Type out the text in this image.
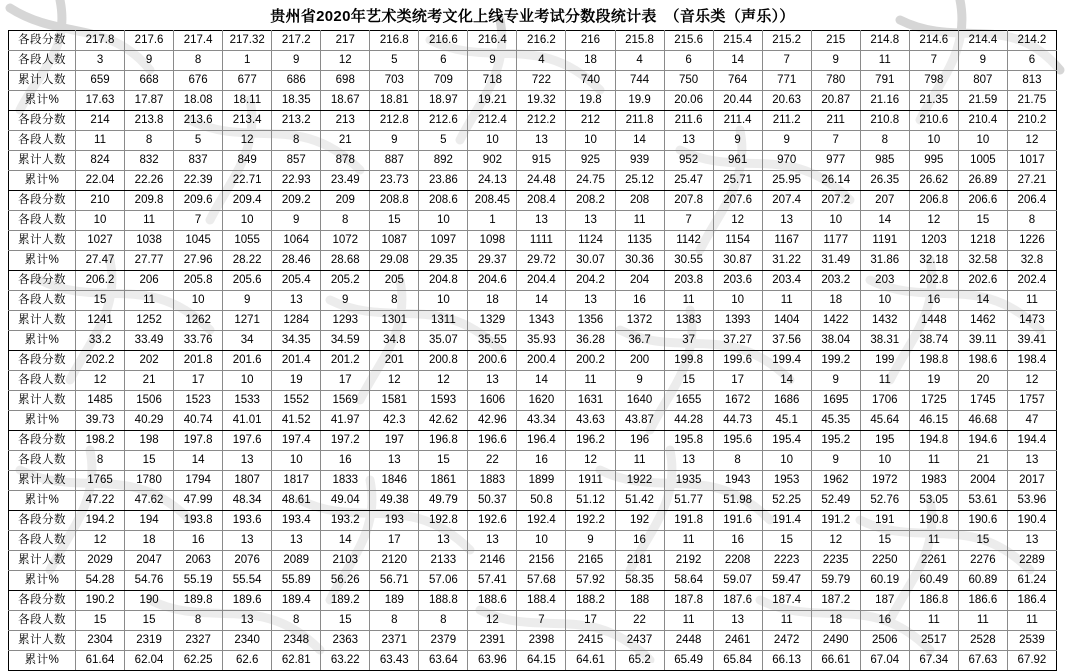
贵州省2020年艺术类统考文化上线专业考试分数段统计表　（音乐类（声乐））
各段分数	217.8	217.6	217.4	217.32	217.2	217	216.8	216.6	216.4	216.2	216	215.8	215.6	215.4	215.2	215	214.8	214.6	214.4	214.2
各段人数	3	9	8	1	9	12	5	6	9	4	18	4	6	14	7	9	11	7	9	6
累计人数	659	668	676	677	686	698	703	709	718	722	740	744	750	764	771	780	791	798	807	813
累计%	17.63	17.87	18.08	18.11	18.35	18.67	18.81	18.97	19.21	19.32	19.8	19.9	20.06	20.44	20.63	20.87	21.16	21.35	21.59	21.75
各段分数	214	213.8	213.6	213.4	213.2	213	212.8	212.6	212.4	212.2	212	211.8	211.6	211.4	211.2	211	210.8	210.6	210.4	210.2
各段人数	11	8	5	12	8	21	9	5	10	13	10	14	13	9	9	7	8	10	10	12
累计人数	824	832	837	849	857	878	887	892	902	915	925	939	952	961	970	977	985	995	1005	1017
累计%	22.04	22.26	22.39	22.71	22.93	23.49	23.73	23.86	24.13	24.48	24.75	25.12	25.47	25.71	25.95	26.14	26.35	26.62	26.89	27.21
各段分数	210	209.8	209.6	209.4	209.2	209	208.8	208.6	208.45	208.4	208.2	208	207.8	207.6	207.4	207.2	207	206.8	206.6	206.4
各段人数	10	11	7	10	9	8	15	10	1	13	13	11	7	12	13	10	14	12	15	8
累计人数	1027	1038	1045	1055	1064	1072	1087	1097	1098	1111	1124	1135	1142	1154	1167	1177	1191	1203	1218	1226
累计%	27.47	27.77	27.96	28.22	28.46	28.68	29.08	29.35	29.37	29.72	30.07	30.36	30.55	30.87	31.22	31.49	31.86	32.18	32.58	32.8
各段分数	206.2	206	205.8	205.6	205.4	205.2	205	204.8	204.6	204.4	204.2	204	203.8	203.6	203.4	203.2	203	202.8	202.6	202.4
各段人数	15	11	10	9	13	9	8	10	18	14	13	16	11	10	11	18	10	16	14	11
累计人数	1241	1252	1262	1271	1284	1293	1301	1311	1329	1343	1356	1372	1383	1393	1404	1422	1432	1448	1462	1473
累计%	33.2	33.49	33.76	34	34.35	34.59	34.8	35.07	35.55	35.93	36.28	36.7	37	37.27	37.56	38.04	38.31	38.74	39.11	39.41
各段分数	202.2	202	201.8	201.6	201.4	201.2	201	200.8	200.6	200.4	200.2	200	199.8	199.6	199.4	199.2	199	198.8	198.6	198.4
各段人数	12	21	17	10	19	17	12	12	13	14	11	9	15	17	14	9	11	19	20	12
累计人数	1485	1506	1523	1533	1552	1569	1581	1593	1606	1620	1631	1640	1655	1672	1686	1695	1706	1725	1745	1757
累计%	39.73	40.29	40.74	41.01	41.52	41.97	42.3	42.62	42.96	43.34	43.63	43.87	44.28	44.73	45.1	45.35	45.64	46.15	46.68	47
各段分数	198.2	198	197.8	197.6	197.4	197.2	197	196.8	196.6	196.4	196.2	196	195.8	195.6	195.4	195.2	195	194.8	194.6	194.4
各段人数	8	15	14	13	10	16	13	15	22	16	12	11	13	8	10	9	10	11	21	13
累计人数	1765	1780	1794	1807	1817	1833	1846	1861	1883	1899	1911	1922	1935	1943	1953	1962	1972	1983	2004	2017
累计%	47.22	47.62	47.99	48.34	48.61	49.04	49.38	49.79	50.37	50.8	51.12	51.42	51.77	51.98	52.25	52.49	52.76	53.05	53.61	53.96
各段分数	194.2	194	193.8	193.6	193.4	193.2	193	192.8	192.6	192.4	192.2	192	191.8	191.6	191.4	191.2	191	190.8	190.6	190.4
各段人数	12	18	16	13	13	14	17	13	13	10	9	16	11	16	15	12	15	11	15	13
累计人数	2029	2047	2063	2076	2089	2103	2120	2133	2146	2156	2165	2181	2192	2208	2223	2235	2250	2261	2276	2289
累计%	54.28	54.76	55.19	55.54	55.89	56.26	56.71	57.06	57.41	57.68	57.92	58.35	58.64	59.07	59.47	59.79	60.19	60.49	60.89	61.24
各段分数	190.2	190	189.8	189.6	189.4	189.2	189	188.8	188.6	188.4	188.2	188	187.8	187.6	187.4	187.2	187	186.8	186.6	186.4
各段人数	15	15	8	13	8	15	8	8	12	7	17	22	11	13	11	18	16	11	11	11
累计人数	2304	2319	2327	2340	2348	2363	2371	2379	2391	2398	2415	2437	2448	2461	2472	2490	2506	2517	2528	2539
累计%	61.64	62.04	62.25	62.6	62.81	63.22	63.43	63.64	63.96	64.15	64.61	65.2	65.49	65.84	66.13	66.61	67.04	67.34	67.63	67.92
